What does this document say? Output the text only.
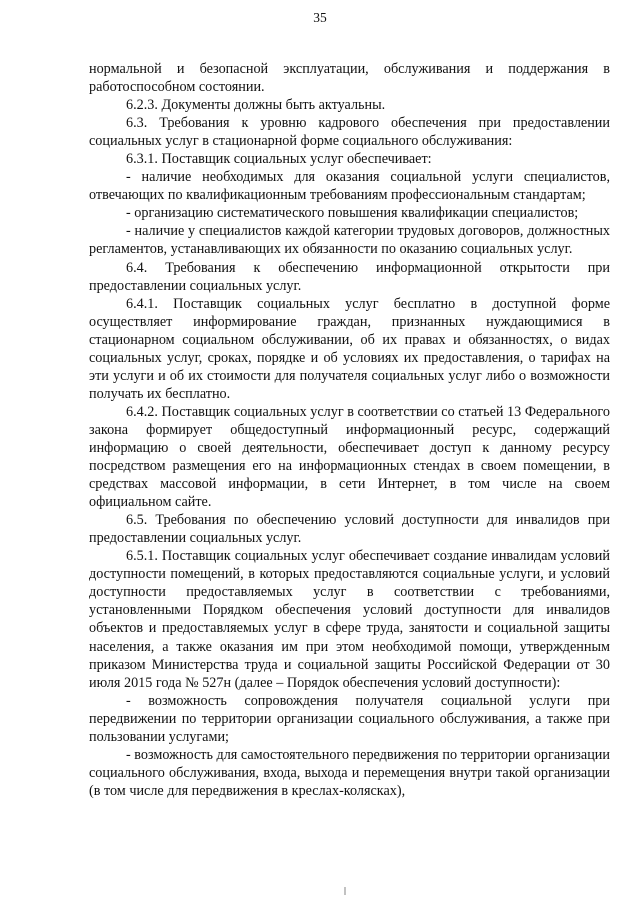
35

нормальной и безопасной эксплуатации, обслуживания и поддержания в работоспособном состоянии.

6.2.3. Документы должны быть актуальны.

6.3. Требования к уровню кадрового обеспечения при предоставлении социальных услуг в стационарной форме социального обслуживания:

6.3.1. Поставщик социальных услуг обеспечивает:

- наличие необходимых для оказания социальной услуги специалистов, отвечающих по квалификационным требованиям профессиональным стандартам;

- организацию систематического повышения квалификации специалистов;

- наличие у специалистов каждой категории трудовых договоров, должностных регламентов, устанавливающих их обязанности по оказанию социальных услуг.

6.4. Требования к обеспечению информационной открытости при предоставлении социальных услуг.

6.4.1. Поставщик социальных услуг бесплатно в доступной форме осуществляет информирование граждан, признанных нуждающимися в стационарном социальном обслуживании, об их правах и обязанностях, о видах социальных услуг, сроках, порядке и об условиях их предоставления, о тарифах на эти услуги и об их стоимости для получателя социальных услуг либо о возможности получать их бесплатно.

6.4.2. Поставщик социальных услуг в соответствии со статьей 13 Федерального закона формирует общедоступный информационный ресурс, содержащий информацию о своей деятельности, обеспечивает доступ к данному ресурсу посредством размещения его на информационных стендах в своем помещении, в средствах массовой информации, в сети Интернет, в том числе на своем официальном сайте.

6.5. Требования по обеспечению условий доступности для инвалидов при предоставлении социальных услуг.

6.5.1. Поставщик социальных услуг обеспечивает создание инвалидам условий доступности помещений, в которых предоставляются социальные услуги, и условий доступности предоставляемых услуг в соответствии с требованиями, установленными Порядком обеспечения условий доступности для инвалидов объектов и предоставляемых услуг в сфере труда, занятости и социальной защиты населения, а также оказания им при этом необходимой помощи, утвержденным приказом Министерства труда и социальной защиты Российской Федерации от 30 июля 2015 года № 527н (далее – Порядок обеспечения условий доступности):

- возможность сопровождения получателя социальной услуги при передвижении по территории организации социального обслуживания, а также при пользовании услугами;

- возможность для самостоятельного передвижения по территории организации социального обслуживания, входа, выхода и перемещения внутри такой организации (в том числе для передвижения в креслах-колясках),
